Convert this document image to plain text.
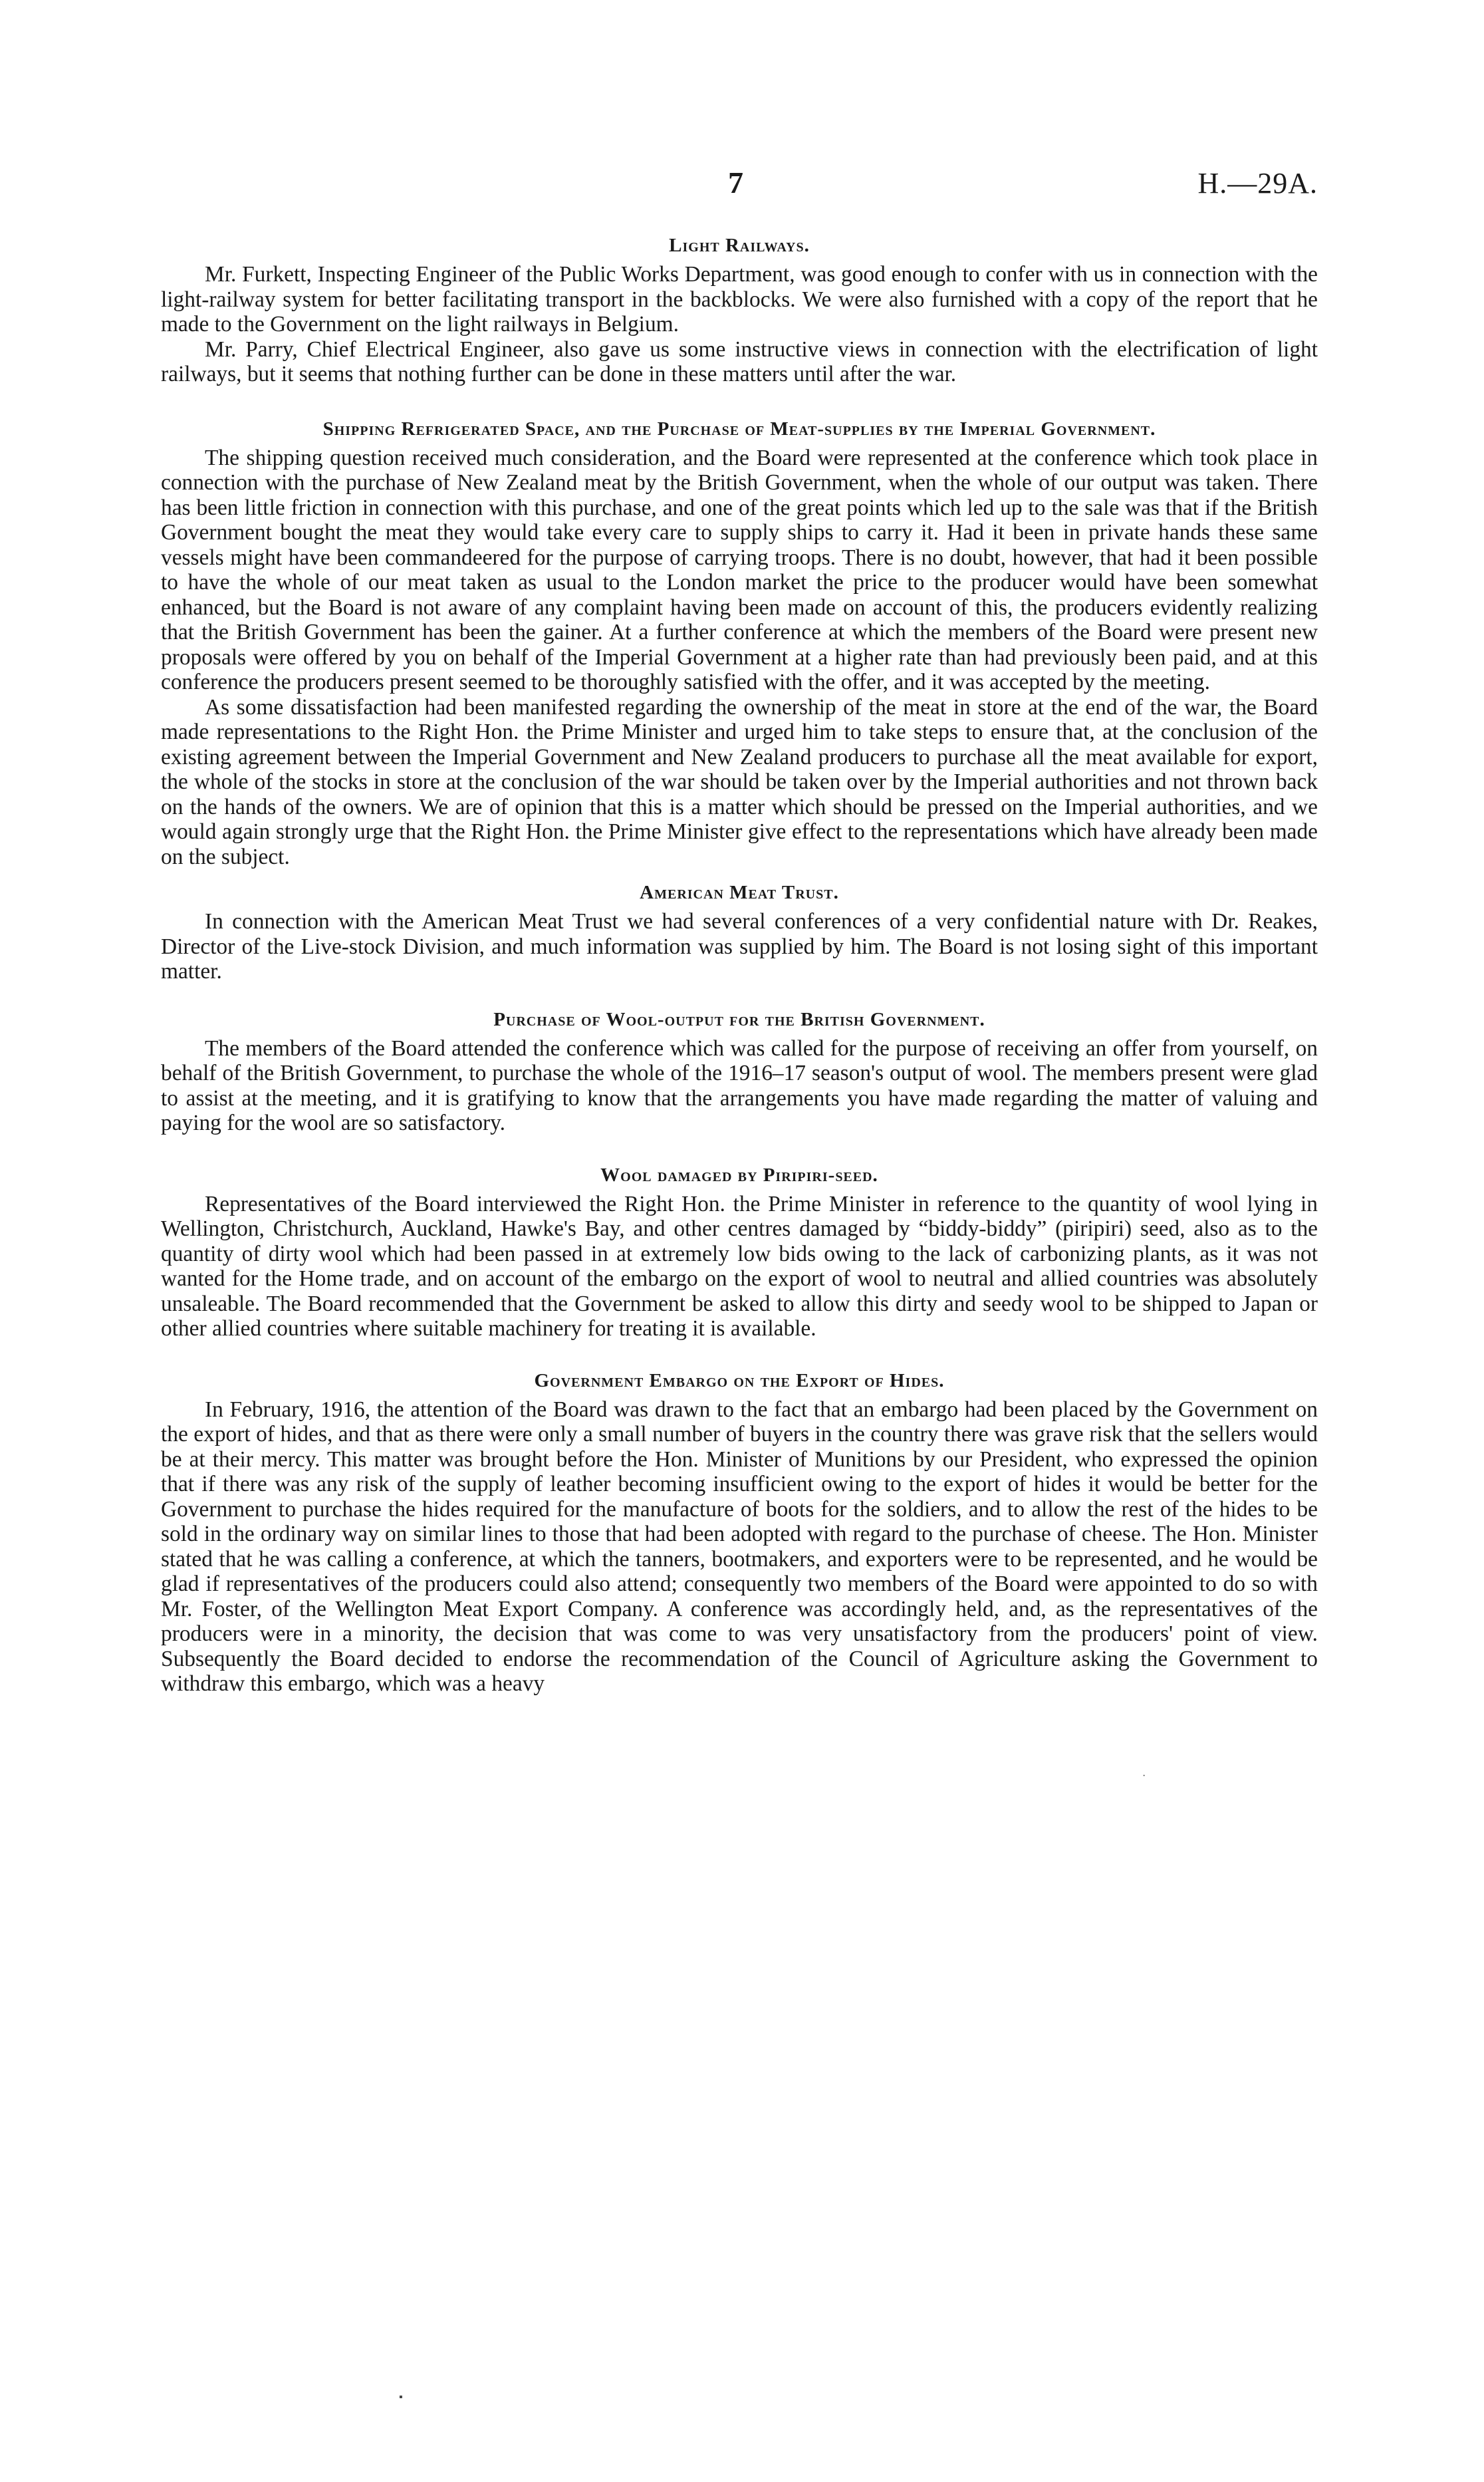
7	H.—29A.
Light Railways.

Mr. Furkett, Inspecting Engineer of the Public Works Department, was good enough to confer with us in connection with the light-railway system for better facilitating transport in the backblocks. We were also furnished with a copy of the report that he made to the Government on the light railways in Belgium.

Mr. Parry, Chief Electrical Engineer, also gave us some instructive views in connection with the electrification of light railways, but it seems that nothing further can be done in these matters until after the war.

Shipping Refrigerated Space, and the Purchase of Meat-supplies by the Imperial Government.

The shipping question received much consideration, and the Board were represented at the conference which took place in connection with the purchase of New Zealand meat by the British Government, when the whole of our output was taken. There has been little friction in connection with this purchase, and one of the great points which led up to the sale was that if the British Government bought the meat they would take every care to supply ships to carry it. Had it been in private hands these same vessels might have been commandeered for the purpose of carrying troops. There is no doubt, however, that had it been possible to have the whole of our meat taken as usual to the London market the price to the producer would have been somewhat enhanced, but the Board is not aware of any complaint having been made on account of this, the producers evidently realizing that the British Government has been the gainer. At a further conference at which the members of the Board were present new proposals were offered by you on behalf of the Imperial Government at a higher rate than had previously been paid, and at this conference the producers present seemed to be thoroughly satisfied with the offer, and it was accepted by the meeting.

As some dissatisfaction had been manifested regarding the ownership of the meat in store at the end of the war, the Board made representations to the Right Hon. the Prime Minister and urged him to take steps to ensure that, at the conclusion of the existing agreement between the Imperial Government and New Zealand producers to purchase all the meat available for export, the whole of the stocks in store at the conclusion of the war should be taken over by the Imperial authorities and not thrown back on the hands of the owners. We are of opinion that this is a matter which should be pressed on the Imperial authorities, and we would again strongly urge that the Right Hon. the Prime Minister give effect to the representations which have already been made on the subject.

American Meat Trust.

In connection with the American Meat Trust we had several conferences of a very confidential nature with Dr. Reakes, Director of the Live-stock Division, and much information was supplied by him. The Board is not losing sight of this important matter.

Purchase of Wool-output for the British Government.

The members of the Board attended the conference which was called for the purpose of receiving an offer from yourself, on behalf of the British Government, to purchase the whole of the 1916–17 season's output of wool. The members present were glad to assist at the meeting, and it is gratifying to know that the arrangements you have made regarding the matter of valuing and paying for the wool are so satisfactory.

Wool damaged by Piripiri-seed.

Representatives of the Board interviewed the Right Hon. the Prime Minister in reference to the quantity of wool lying in Wellington, Christchurch, Auckland, Hawke's Bay, and other centres damaged by “biddy-biddy” (piripiri) seed, also as to the quantity of dirty wool which had been passed in at extremely low bids owing to the lack of carbonizing plants, as it was not wanted for the Home trade, and on account of the embargo on the export of wool to neutral and allied countries was absolutely unsaleable. The Board recommended that the Government be asked to allow this dirty and seedy wool to be shipped to Japan or other allied countries where suitable machinery for treating it is available.

Government Embargo on the Export of Hides.

In February, 1916, the attention of the Board was drawn to the fact that an embargo had been placed by the Government on the export of hides, and that as there were only a small number of buyers in the country there was grave risk that the sellers would be at their mercy. This matter was brought before the Hon. Minister of Munitions by our President, who expressed the opinion that if there was any risk of the supply of leather becoming insufficient owing to the export of hides it would be better for the Government to purchase the hides required for the manufacture of boots for the soldiers, and to allow the rest of the hides to be sold in the ordinary way on similar lines to those that had been adopted with regard to the purchase of cheese. The Hon. Minister stated that he was calling a conference, at which the tanners, bootmakers, and exporters were to be represented, and he would be glad if representatives of the producers could also attend; consequently two members of the Board were appointed to do so with Mr. Foster, of the Wellington Meat Export Company. A conference was accordingly held, and, as the representatives of the producers were in a minority, the decision that was come to was very unsatisfactory from the producers' point of view. Subsequently the Board decided to endorse the recommendation of the Council of Agriculture asking the Government to withdraw this embargo, which was a heavy

·
▪
